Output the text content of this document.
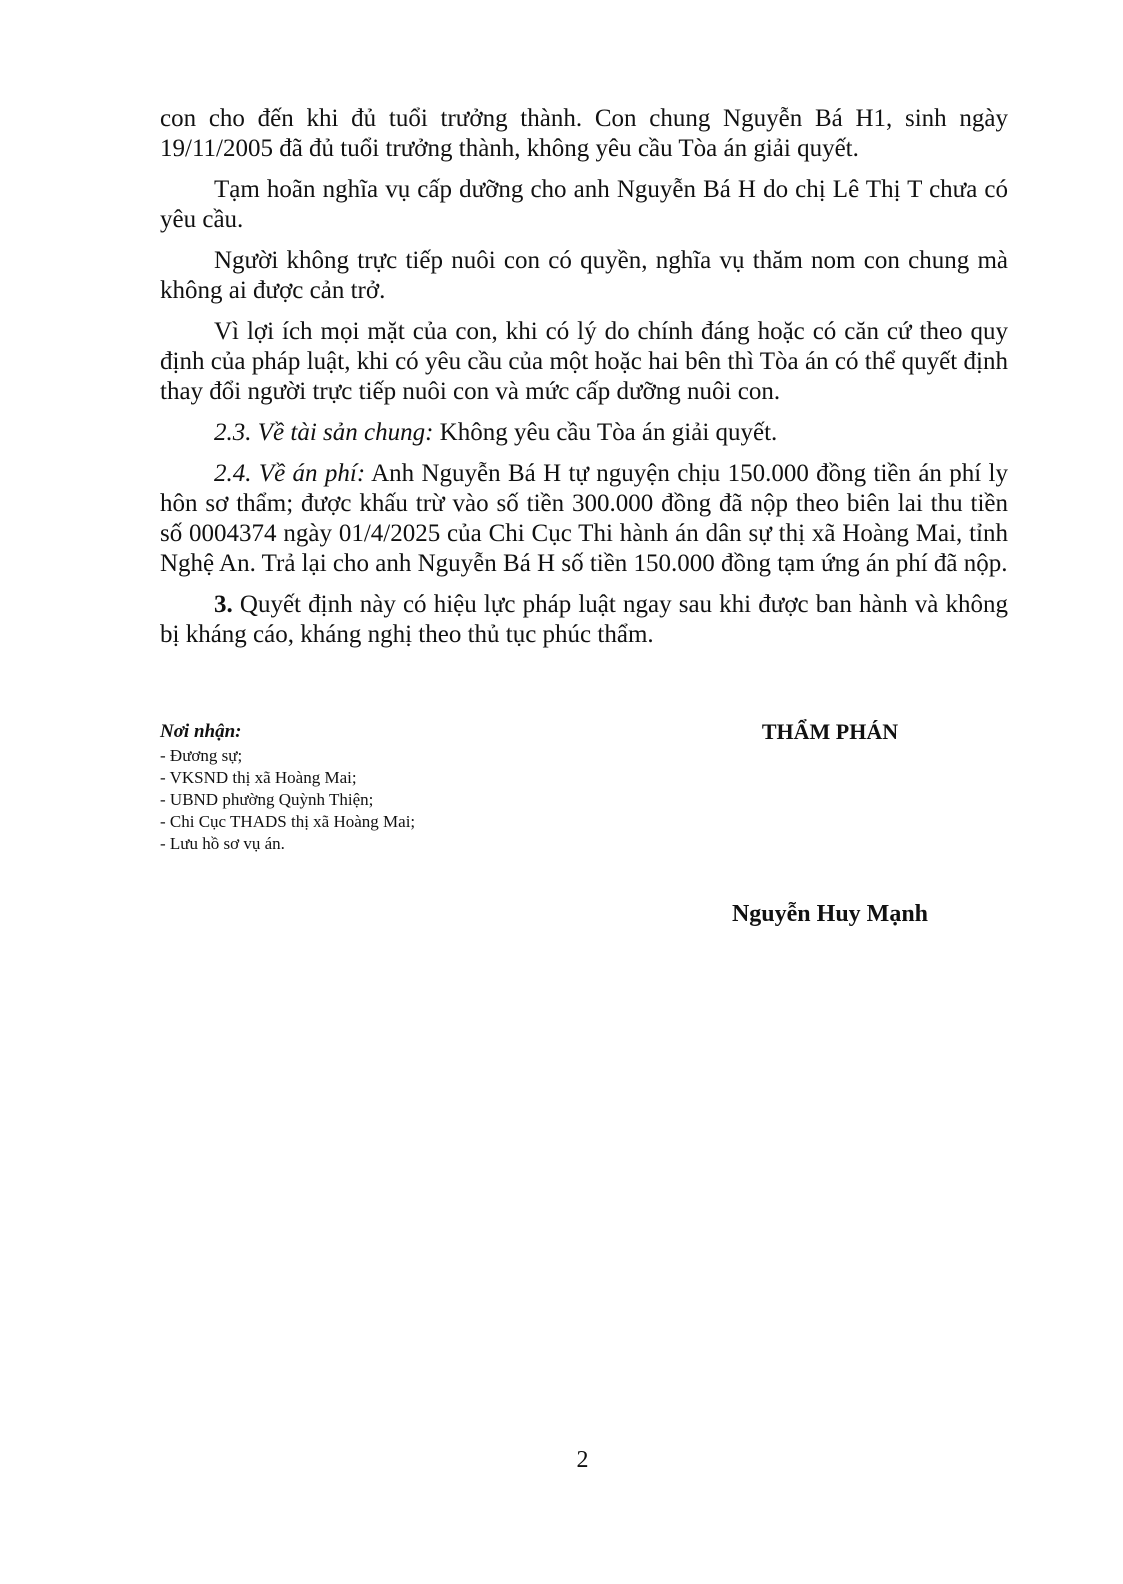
con cho đến khi đủ tuổi trưởng thành. Con chung Nguyễn Bá H1, sinh ngày 19/11/2005 đã đủ tuổi trưởng thành, không yêu cầu Tòa án giải quyết.

Tạm hoãn nghĩa vụ cấp dưỡng cho anh Nguyễn Bá H do chị Lê Thị T chưa có yêu cầu.

Người không trực tiếp nuôi con có quyền, nghĩa vụ thăm nom con chung mà không ai được cản trở.

Vì lợi ích mọi mặt của con, khi có lý do chính đáng hoặc có căn cứ theo quy định của pháp luật, khi có yêu cầu của một hoặc hai bên thì Tòa án có thể quyết định thay đổi người trực tiếp nuôi con và mức cấp dưỡng nuôi con.

2.3. Về tài sản chung: Không yêu cầu Tòa án giải quyết.

2.4. Về án phí: Anh Nguyễn Bá H tự nguyện chịu 150.000 đồng tiền án phí ly hôn sơ thẩm; được khấu trừ vào số tiền 300.000 đồng đã nộp theo biên lai thu tiền số 0004374 ngày 01/4/2025 của Chi Cục Thi hành án dân sự thị xã Hoàng Mai, tỉnh Nghệ An. Trả lại cho anh Nguyễn Bá H số tiền 150.000 đồng tạm ứng án phí đã nộp.

3. Quyết định này có hiệu lực pháp luật ngay sau khi được ban hành và không bị kháng cáo, kháng nghị theo thủ tục phúc thẩm.

Nơi nhận:
- Đương sự;
- VKSND thị xã Hoàng Mai;
- UBND phường Quỳnh Thiện;
- Chi Cục THADS thị xã Hoàng Mai;
- Lưu hồ sơ vụ án.
THẨM PHÁN
Nguyễn Huy Mạnh
2
